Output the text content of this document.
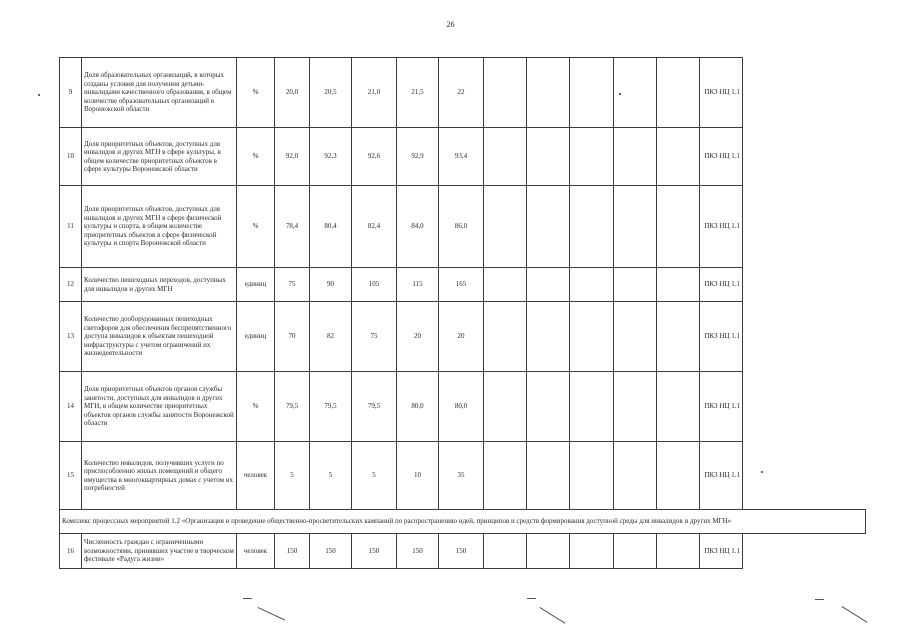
26
9	Доля образовательных организаций, в которых созданы условия для получения детьми-инвалидами качественного образования, в общем количестве образовательных организаций в Воронежской области	%	20,0	20,5	21,0	21,5	22						ПКЗ НЦ 1.1
10	Доля приоритетных объектов, доступных для инвалидов и других МГН в сфере культуры, в общем количестве приоритетных объектов в сфере культуры Воронежской области	%	92,0	92,3	92,6	92,9	93,4						ПКЗ НЦ 1.1
11	Доля приоритетных объектов, доступных для инвалидов и других МГН в сфере физической культуры и спорта, в общем количестве приоритетных объектов в сфере физической культуры и спорта Воронежской области	%	78,4	80,4	82,4	84,0	86,0						ПКЗ НЦ 1.1
12	Количество пешеходных переходов, доступных для инвалидов и других МГН	единиц	75	90	105	115	165						ПКЗ НЦ 1.1
13	Количество дооборудованных пешеходных светофоров для обеспечения беспрепятственного доступа инвалидов к объектам пешеходной инфраструктуры с учетом ограничений их жизнедеятельности	единиц	70	82	75	20	20						ПКЗ НЦ 1.1
14	Доля приоритетных объектов органов службы занятости, доступных для инвалидов и других МГН, в общем количестве приоритетных объектов органов службы занятости Воронежской области	%	79,5	79,5	79,5	80,0	80,0						ПКЗ НЦ 1.1
15	Количество инвалидов, получивших услуги по приспособлению жилых помещений и общего имущества в многоквартирных домах с учетом их потребностей	человек	5	5	5	10	35						ПКЗ НЦ 1.1
Комплекс процессных мероприятий 1.2 «Организация и проведение общественно-просветительских кампаний по распространению идей, принципов и средств формирования доступной среды для инвалидов и других МГН»													
16	Численность граждан с ограниченными возможностями, принявших участие в творческом фестивале «Радуга жизни»	человек	150	150	150	150	150						ПКЗ НЦ 1.1
